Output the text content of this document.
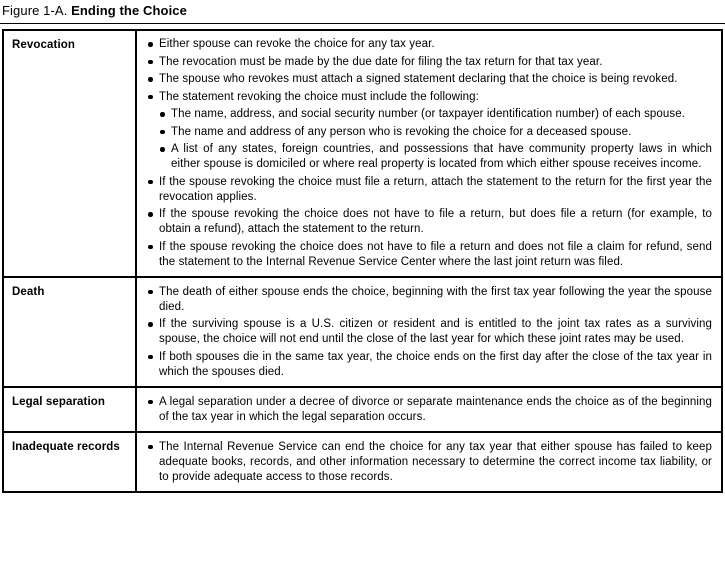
Figure 1-A. Ending the Choice
Revocation	Either spouse can revoke the choice for any tax year.
The revocation must be made by the due date for filing the tax return for that tax year.
The spouse who revokes must attach a signed statement declaring that the choice is being revoked.
The statement revoking the choice must include the following:
The name, address, and social security number (or taxpayer identification number) of each spouse.
The name and address of any person who is revoking the choice for a deceased spouse.
A list of any states, foreign countries, and possessions that have community property laws in which either spouse is domiciled or where real property is located from which either spouse receives income.
If the spouse revoking the choice must file a return, attach the statement to the return for the first year the revocation applies.
If the spouse revoking the choice does not have to file a return, but does file a return (for example, to obtain a refund), attach the statement to the return.
If the spouse revoking the choice does not have to file a return and does not file a claim for refund, send the statement to the Internal Revenue Service Center where the last joint return was filed.
Death	The death of either spouse ends the choice, beginning with the first tax year following the year the spouse died.
If the surviving spouse is a U.S. citizen or resident and is entitled to the joint tax rates as a surviving spouse, the choice will not end until the close of the last year for which these joint rates may be used.
If both spouses die in the same tax year, the choice ends on the first day after the close of the tax year in which the spouses died.
Legal separation	A legal separation under a decree of divorce or separate maintenance ends the choice as of the beginning of the tax year in which the legal separation occurs.
Inadequate records	The Internal Revenue Service can end the choice for any tax year that either spouse has failed to keep adequate books, records, and other information necessary to determine the correct income tax liability, or to provide adequate access to those records.
